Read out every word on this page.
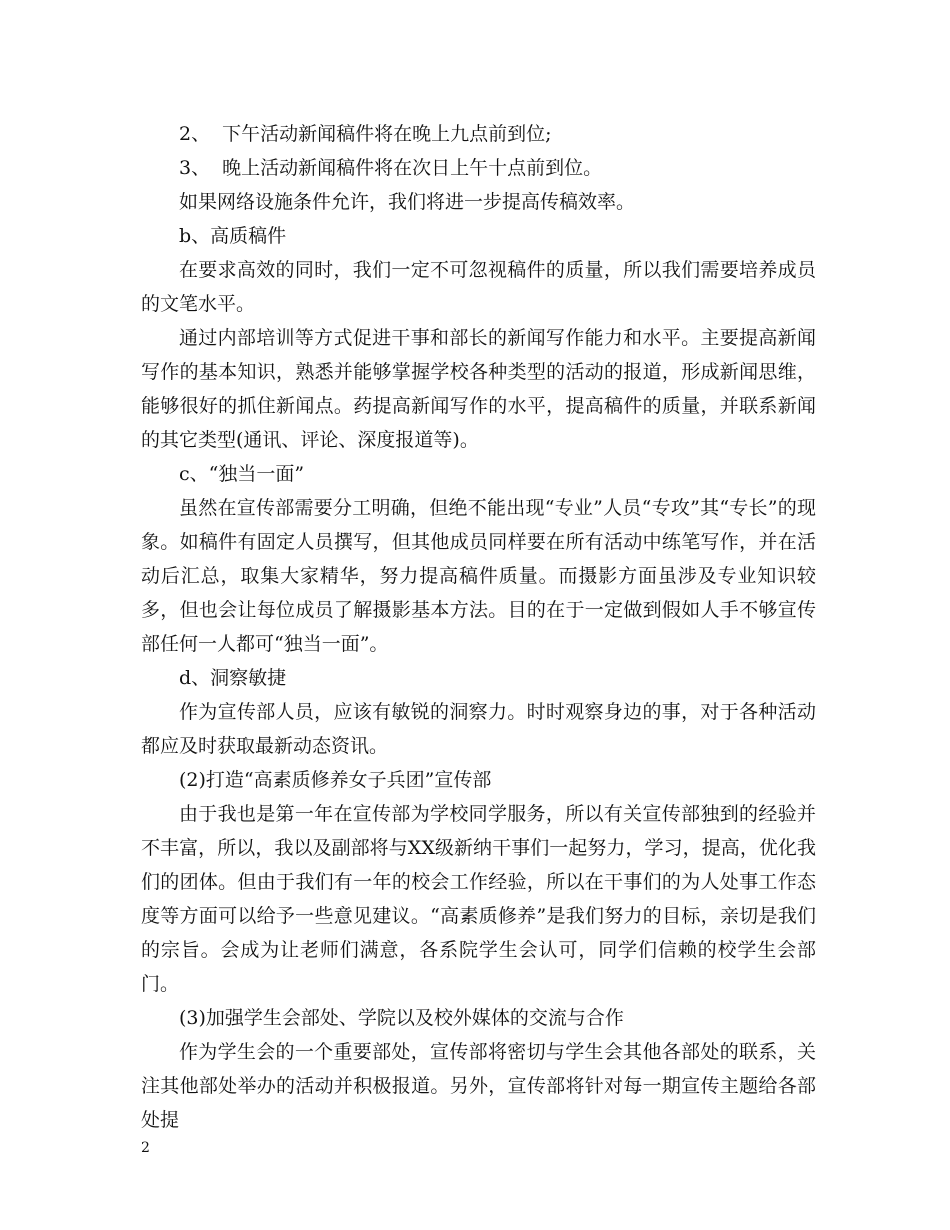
2、  下午活动新闻稿件将在晚上九点前到位;

3、  晚上活动新闻稿件将在次日上午十点前到位。

如果网络设施条件允许，我们将进一步提高传稿效率。

b、高质稿件

在要求高效的同时，我们一定不可忽视稿件的质量，所以我们需要培养成员的文笔水平。

通过内部培训等方式促进干事和部长的新闻写作能力和水平。主要提高新闻写作的基本知识，熟悉并能够掌握学校各种类型的活动的报道，形成新闻思维，能够很好的抓住新闻点。药提高新闻写作的水平，提高稿件的质量，并联系新闻的其它类型(通讯、评论、深度报道等)。

c、“独当一面”

虽然在宣传部需要分工明确，但绝不能出现“专业”人员“专攻”其“专长”的现象。如稿件有固定人员撰写，但其他成员同样要在所有活动中练笔写作，并在活动后汇总，取集大家精华，努力提高稿件质量。而摄影方面虽涉及专业知识较多，但也会让每位成员了解摄影基本方法。目的在于一定做到假如人手不够宣传部任何一人都可“独当一面”。

d、洞察敏捷

作为宣传部人员，应该有敏锐的洞察力。时时观察身边的事，对于各种活动都应及时获取最新动态资讯。

(2)打造“高素质修养女子兵团”宣传部

由于我也是第一年在宣传部为学校同学服务，所以有关宣传部独到的经验并不丰富，所以，我以及副部将与XX级新纳干事们一起努力，学习，提高，优化我们的团体。但由于我们有一年的校会工作经验，所以在干事们的为人处事工作态度等方面可以给予一些意见建议。“高素质修养”是我们努力的目标，亲切是我们的宗旨。会成为让老师们满意，各系院学生会认可，同学们信赖的校学生会部门。

(3)加强学生会部处、学院以及校外媒体的交流与合作

作为学生会的一个重要部处，宣传部将密切与学生会其他各部处的联系，关注其他部处举办的活动并积极报道。另外，宣传部将针对每一期宣传主题给各部处提

2
